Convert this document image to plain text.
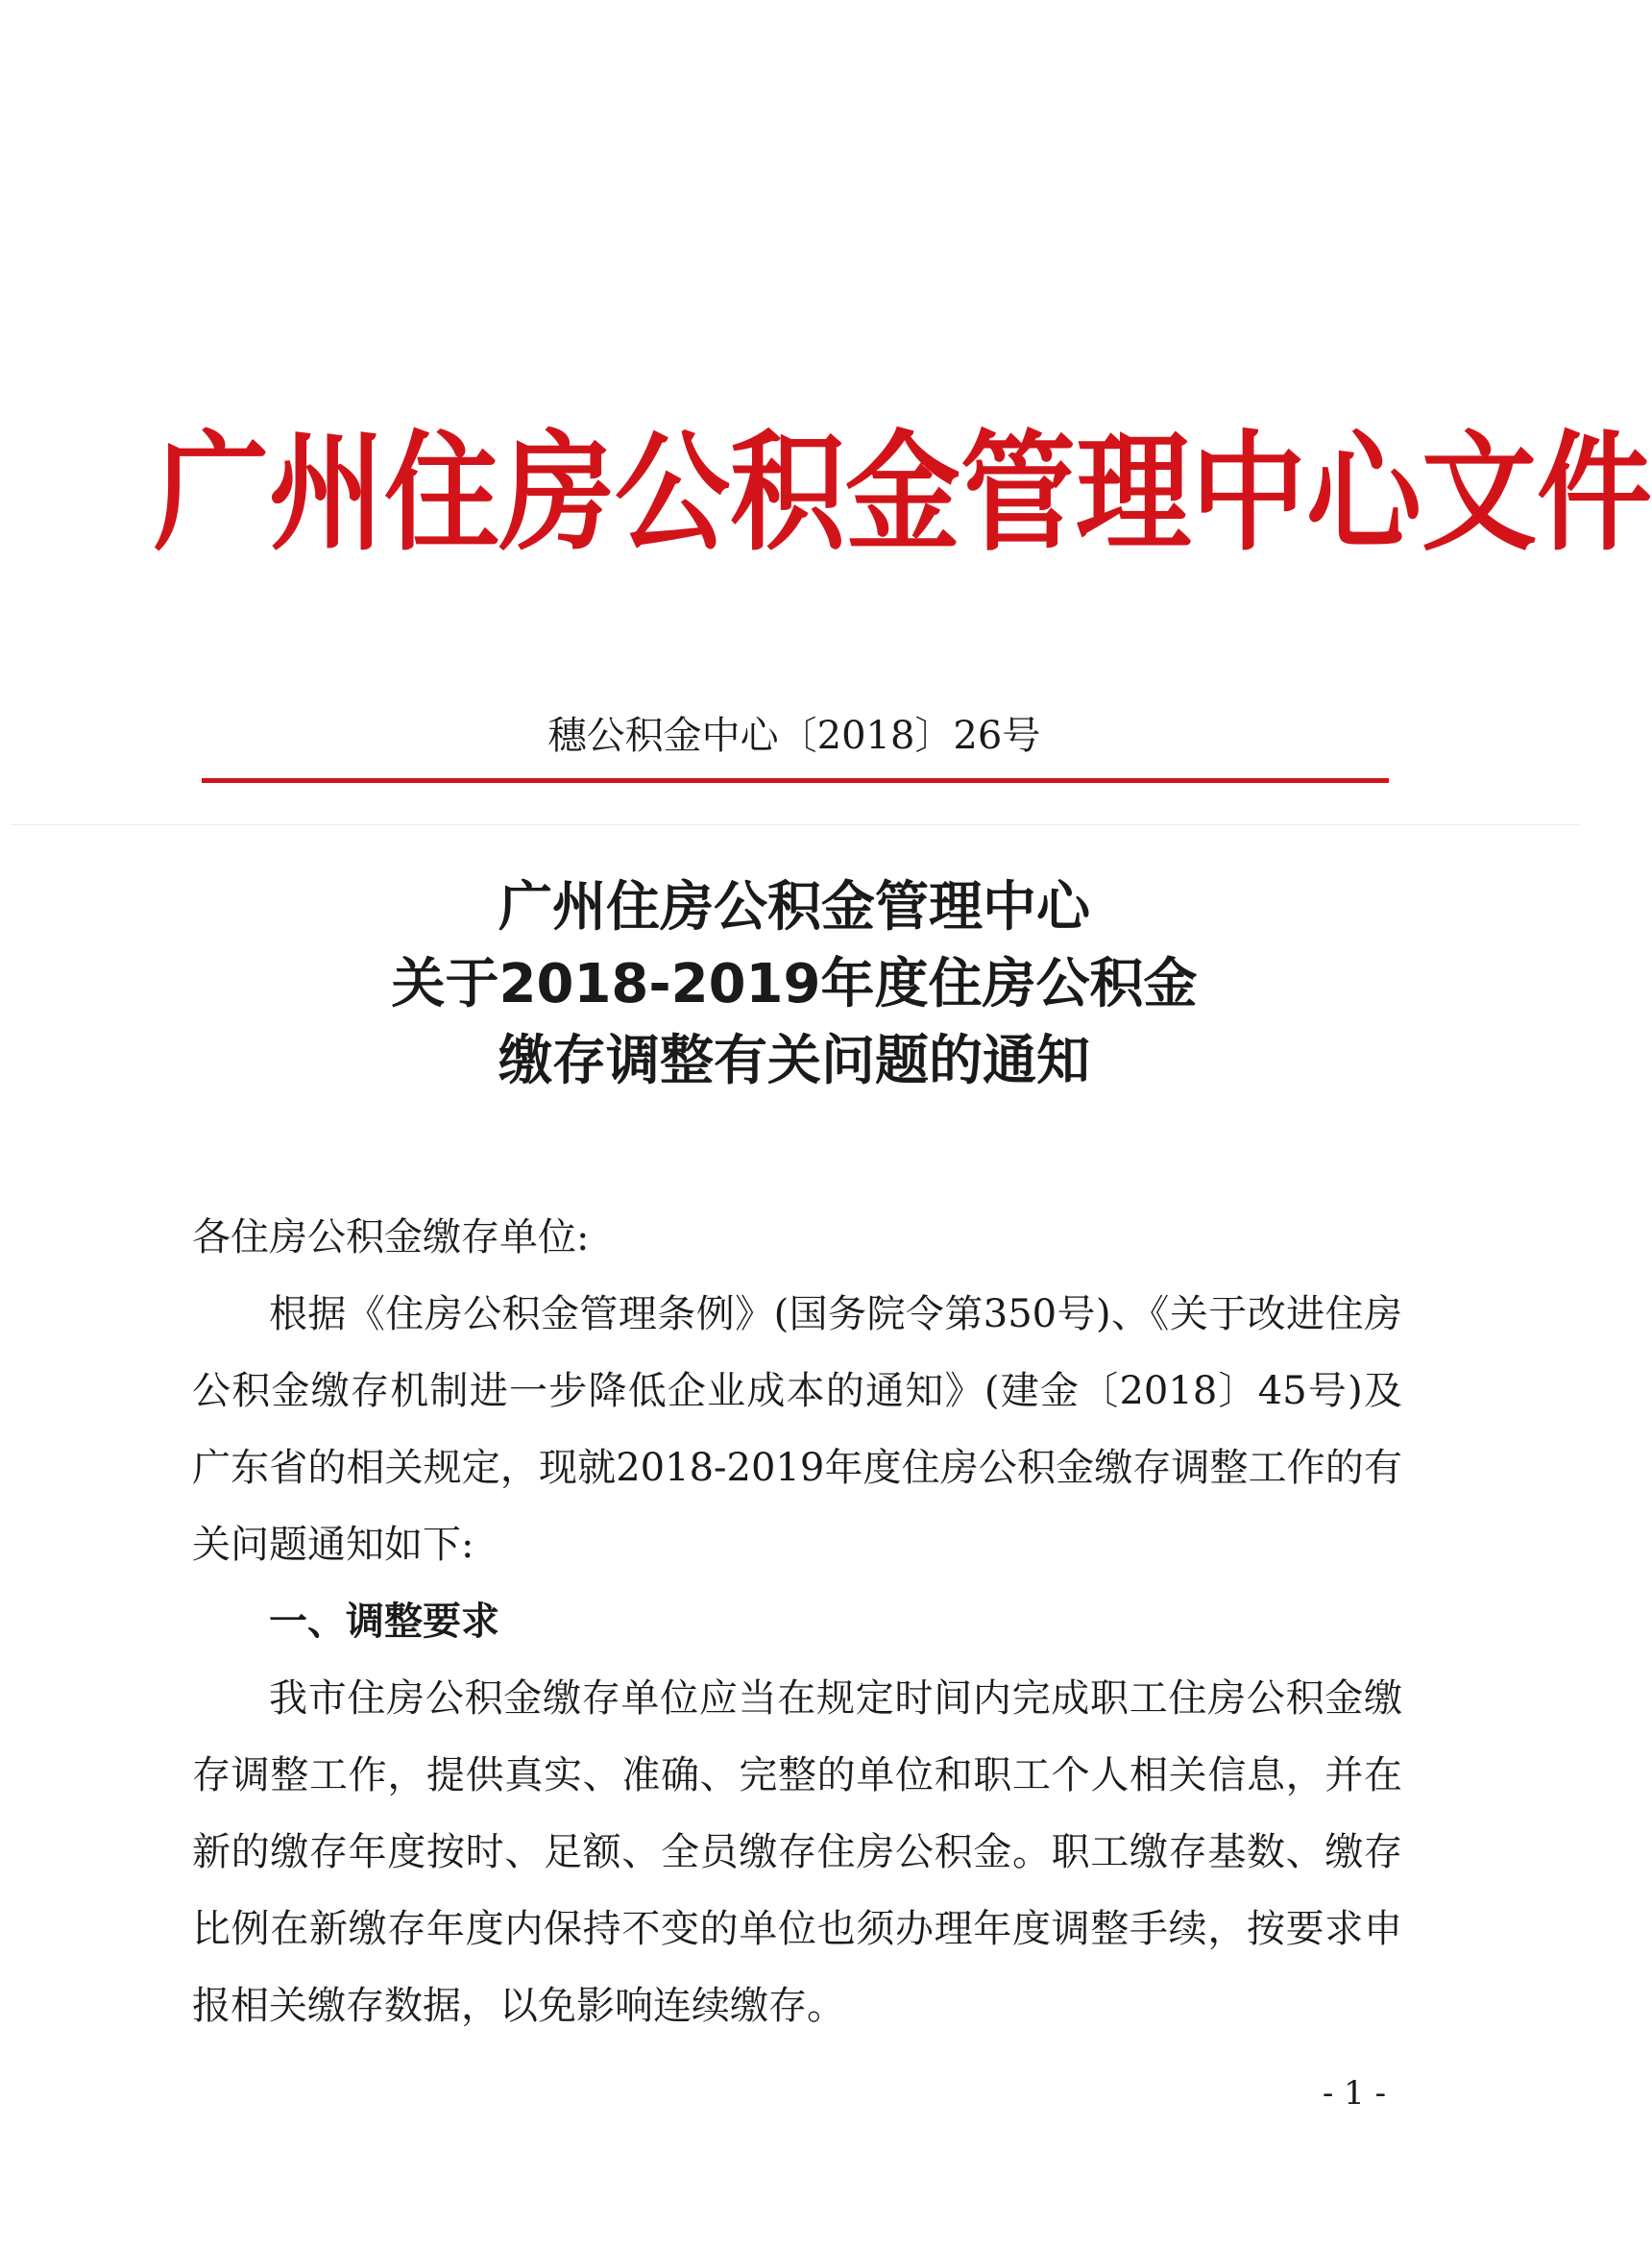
广 州 住 房 公 积 金 管 理 中 心 文 件
穗公积金中心〔2018〕26号
广州住房公积金管理中心
关于2018-2019年度住房公积金
缴存调整有关问题的通知

各住房公积金缴存单位:

根据《住房公积金管理条例》(国务院令第350号)、《关于改进住房公积金缴存机制进一步降低企业成本的通知》(建金〔2018〕45号)及广东省的相关规定，现就2018-2019年度住房公积金缴存调整工作的有关问题通知如下:

一、调整要求

我市住房公积金缴存单位应当在规定时间内完成职工住房公积金缴存调整工作，提供真实、准确、完整的单位和职工个人相关信息，并在新的缴存年度按时、足额、全员缴存住房公积金。职工缴存基数、缴存比例在新缴存年度内保持不变的单位也须办理年度调整手续，按要求申报相关缴存数据，以免影响连续缴存。

- 1 -
